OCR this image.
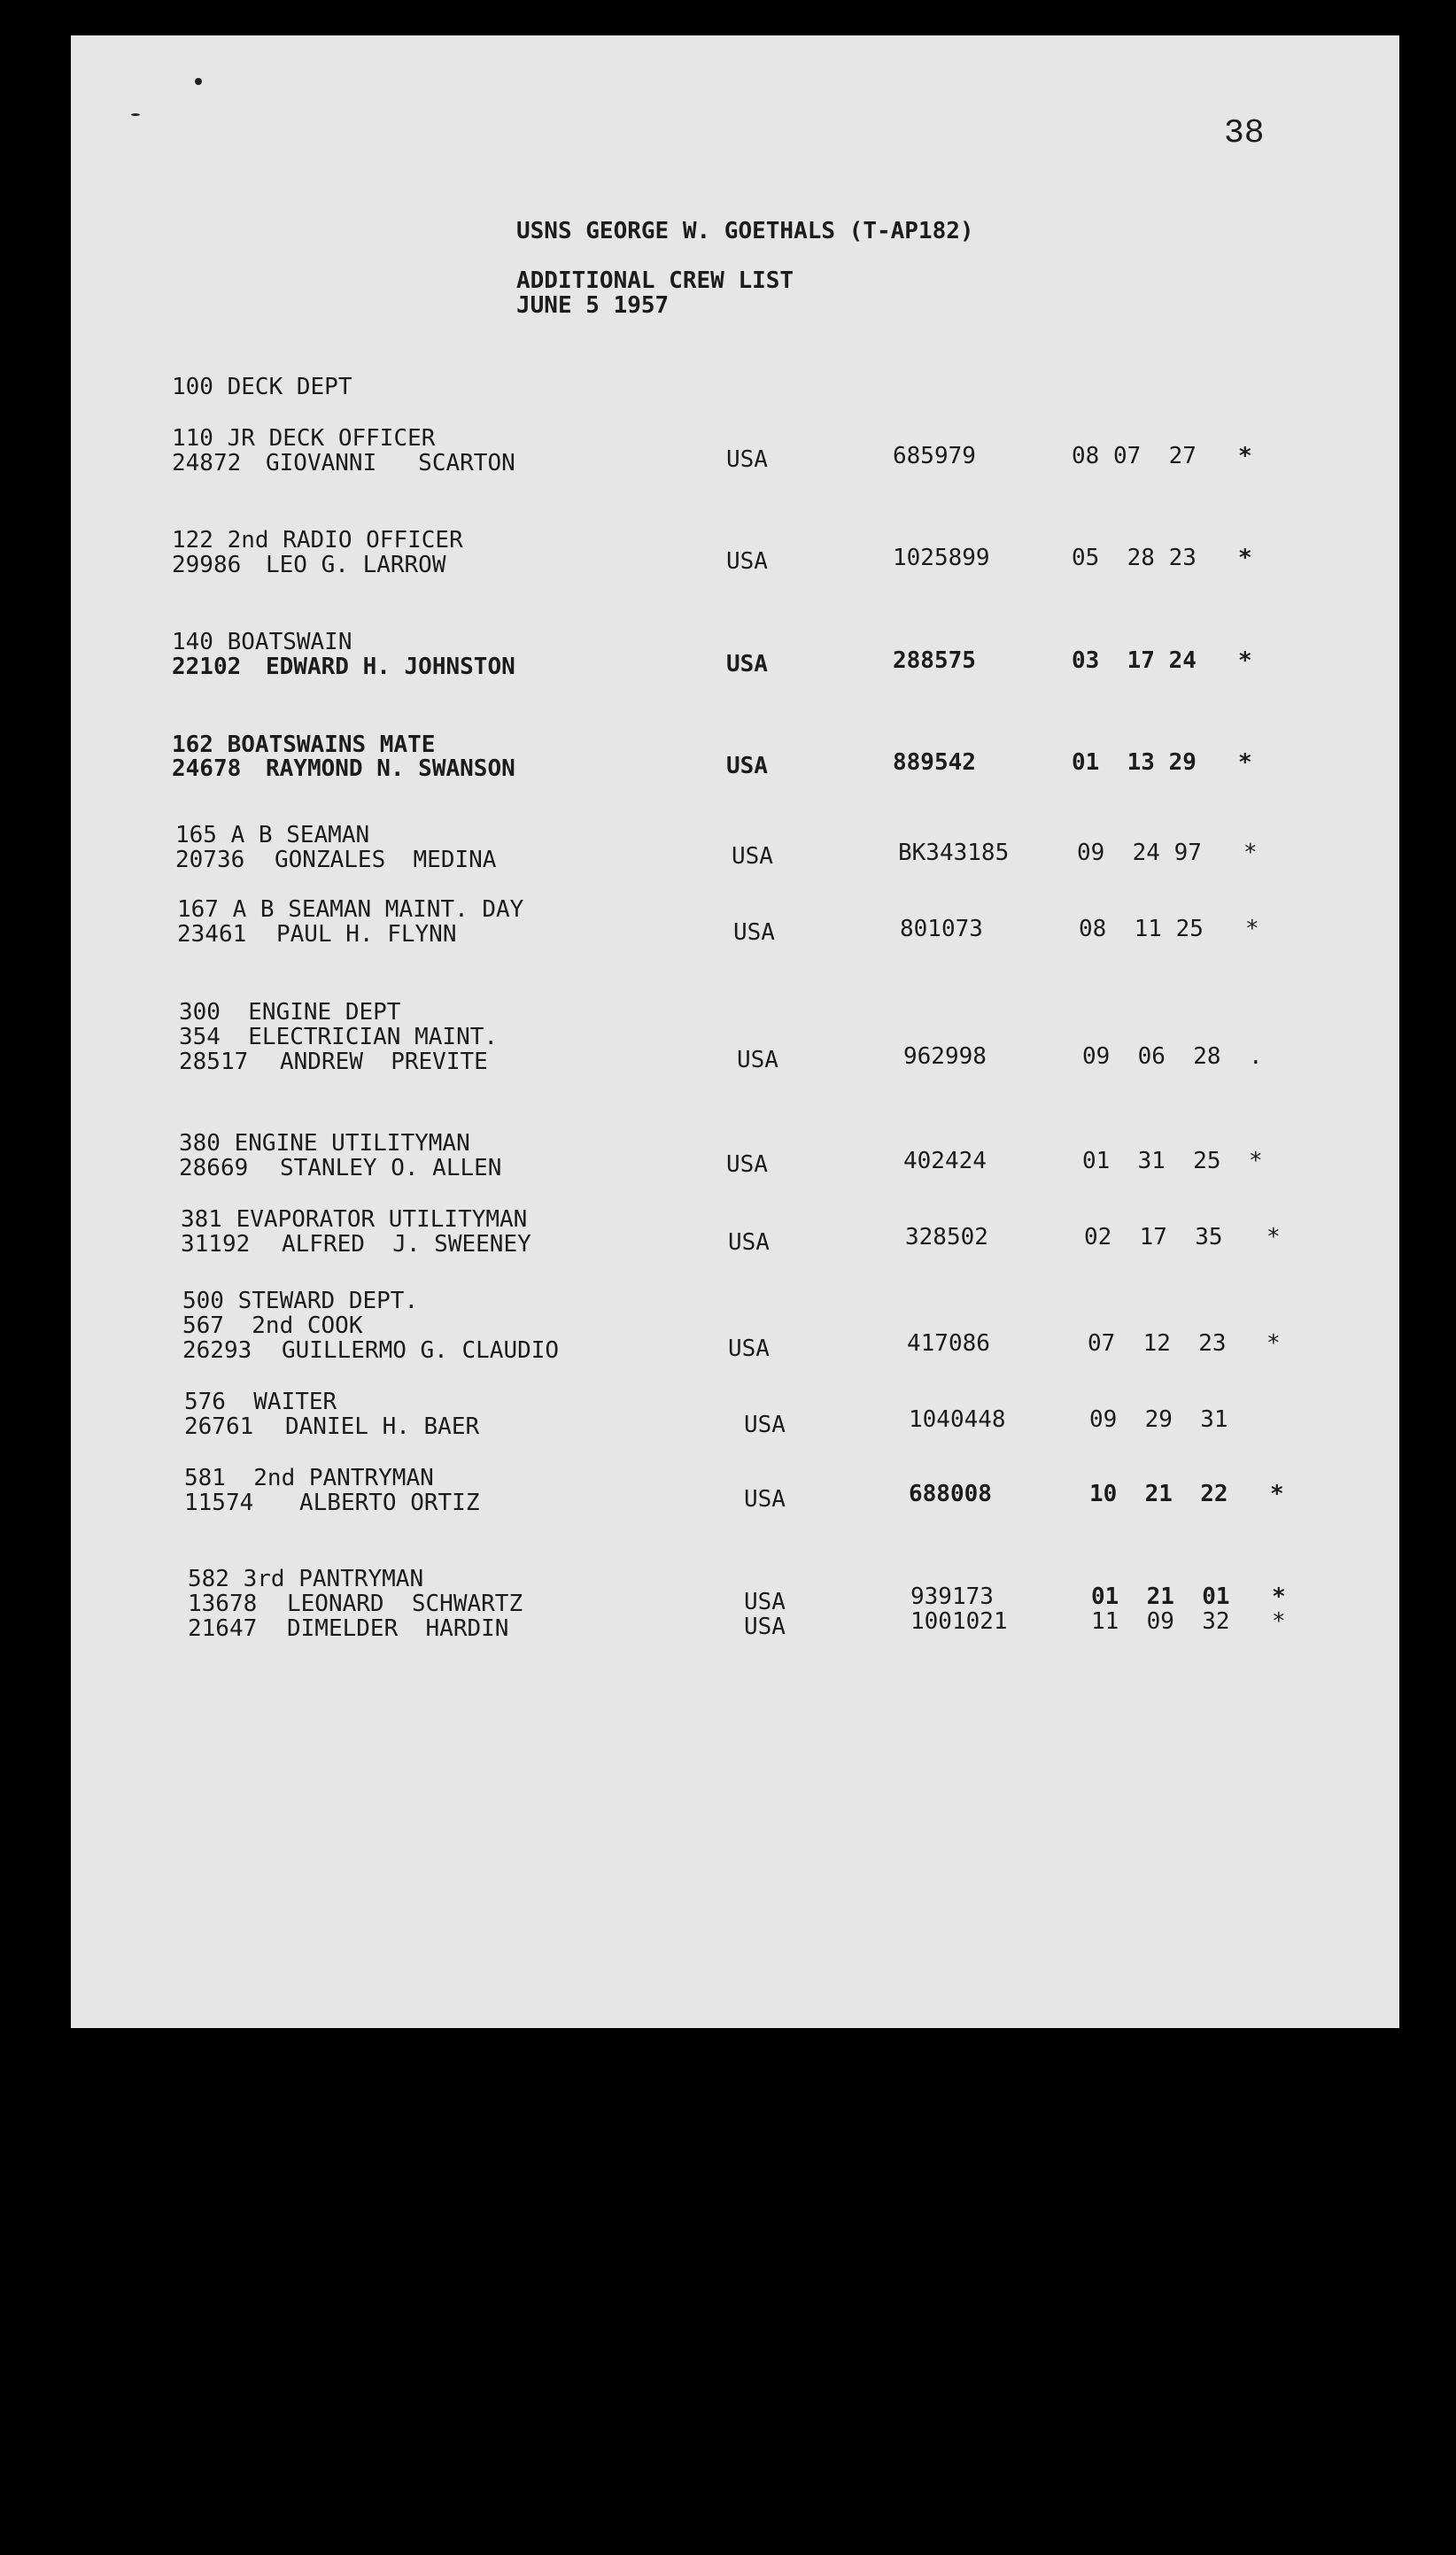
38
USNS GEORGE W. GOETHALS (T-AP182)
ADDITIONAL CREW LIST
JUNE 5 1957
100 DECK DEPT
110 JR DECK OFFICER
24872 GIOVANNI   SCARTON	USA	685979	08 07  27 *
122 2nd RADIO OFFICER
29986 LEO G. LARROW	USA	1025899	05  28 23 *
140 BOATSWAIN
22102 EDWARD H. JOHNSTON	USA	288575	03  17 24 *
162 BOATSWAINS MATE
24678 RAYMOND N. SWANSON	USA	889542	01  13 29 *
165 A B SEAMAN
20736 GONZALES  MEDINA	USA	BK343185	09  24 97 *
167 A B SEAMAN MAINT. DAY
23461 PAUL H. FLYNN	USA	801073	08  11 25 *
300  ENGINE DEPT
354  ELECTRICIAN MAINT.
28517 ANDREW  PREVITE	USA	962998	09  06  28 .
380 ENGINE UTILITYMAN
28669 STANLEY O. ALLEN	USA	402424	01  31  25 *
381 EVAPORATOR UTILITYMAN
31192 ALFRED  J. SWEENEY	USA	328502	02  17  35 *
500 STEWARD DEPT.
567  2nd COOK
26293 GUILLERMO G. CLAUDIO	USA	417086	07  12  23 *
576  WAITER
26761 DANIEL H. BAER	USA	1040448	09  29  31
581  2nd PANTRYMAN
11574 ALBERTO ORTIZ	USA	688008	10  21  22 *
582 3rd PANTRYMAN
13678 LEONARD  SCHWARTZ	USA	939173	01  21  01 *
21647 DIMELDER  HARDIN	USA	1001021	11  09  32 *
